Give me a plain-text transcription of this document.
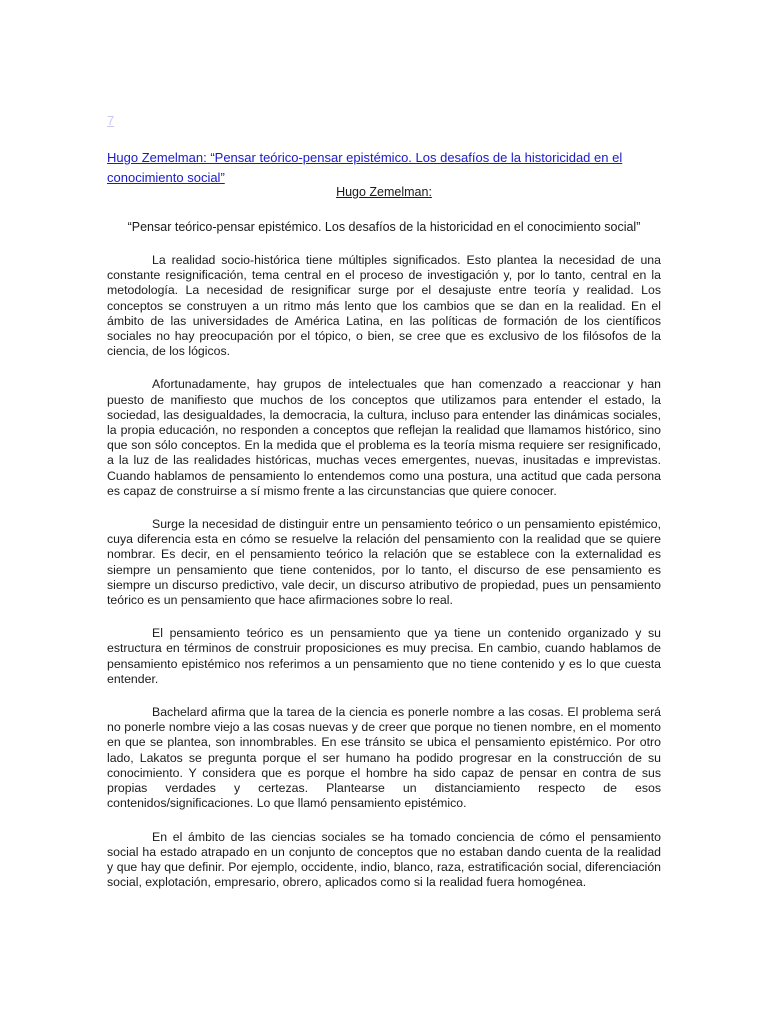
7
Hugo Zemelman: “Pensar teórico-pensar epistémico. Los desafíos de la historicidad en el conocimiento social”
Hugo Zemelman:
“Pensar teórico-pensar epistémico. Los desafíos de la historicidad en el conocimiento social”

La realidad socio-histórica tiene múltiples significados. Esto plantea la necesidad de una constante resignificación, tema central en el proceso de investigación y, por lo tanto, central en la metodología. La necesidad de resignificar surge por el desajuste entre teoría y realidad. Los conceptos se construyen a un ritmo más lento que los cambios que se dan en la realidad. En el ámbito de las universidades de América Latina, en las políticas de formación de los científicos sociales no hay preocupación por el tópico, o bien, se cree que es exclusivo de los filósofos de la ciencia, de los lógicos.

Afortunadamente, hay grupos de intelectuales que han comenzado a reaccionar y han puesto de manifiesto que muchos de los conceptos que utilizamos para entender el estado, la sociedad, las desigualdades, la democracia, la cultura, incluso para entender las dinámicas sociales, la propia educación, no responden a conceptos que reflejan la realidad que llamamos histórico, sino que son sólo conceptos. En la medida que el problema es la teoría misma requiere ser resignificado, a la luz de las realidades históricas, muchas veces emergentes, nuevas, inusitadas e imprevistas. Cuando hablamos de pensamiento lo entendemos como una postura, una actitud que cada persona es capaz de construirse a sí mismo frente a las circunstancias que quiere conocer.

Surge la necesidad de distinguir entre un pensamiento teórico o un pensamiento epistémico, cuya diferencia esta en cómo se resuelve la relación del pensamiento con la realidad que se quiere nombrar. Es decir, en el pensamiento teórico la relación que se establece con la externalidad es siempre un pensamiento que tiene contenidos, por lo tanto, el discurso de ese pensamiento es siempre un discurso predictivo, vale decir, un discurso atributivo de propiedad, pues un pensamiento teórico es un pensamiento que hace afirmaciones sobre lo real.

El pensamiento teórico es un pensamiento que ya tiene un contenido organizado y su estructura en términos de construir proposiciones es muy precisa. En cambio, cuando hablamos de pensamiento epistémico nos referimos a un pensamiento que no tiene contenido y es lo que cuesta entender.

Bachelard afirma que la tarea de la ciencia es ponerle nombre a las cosas. El problema será no ponerle nombre viejo a las cosas nuevas y de creer que porque no tienen nombre, en el momento en que se plantea, son innombrables. En ese tránsito se ubica el pensamiento epistémico. Por otro lado, Lakatos se pregunta porque el ser humano ha podido progresar en la construcción de su conocimiento. Y considera que es porque el hombre ha sido capaz de pensar en contra de sus propias verdades y certezas. Plantearse un distanciamiento respecto de esos contenidos/significaciones. Lo que llamó pensamiento epistémico.

En el ámbito de las ciencias sociales se ha tomado conciencia de cómo el pensamiento social ha estado atrapado en un conjunto de conceptos que no estaban dando cuenta de la realidad y que hay que definir. Por ejemplo, occidente, indio, blanco, raza, estratificación social, diferenciación social, explotación, empresario, obrero, aplicados como si la realidad fuera homogénea.
